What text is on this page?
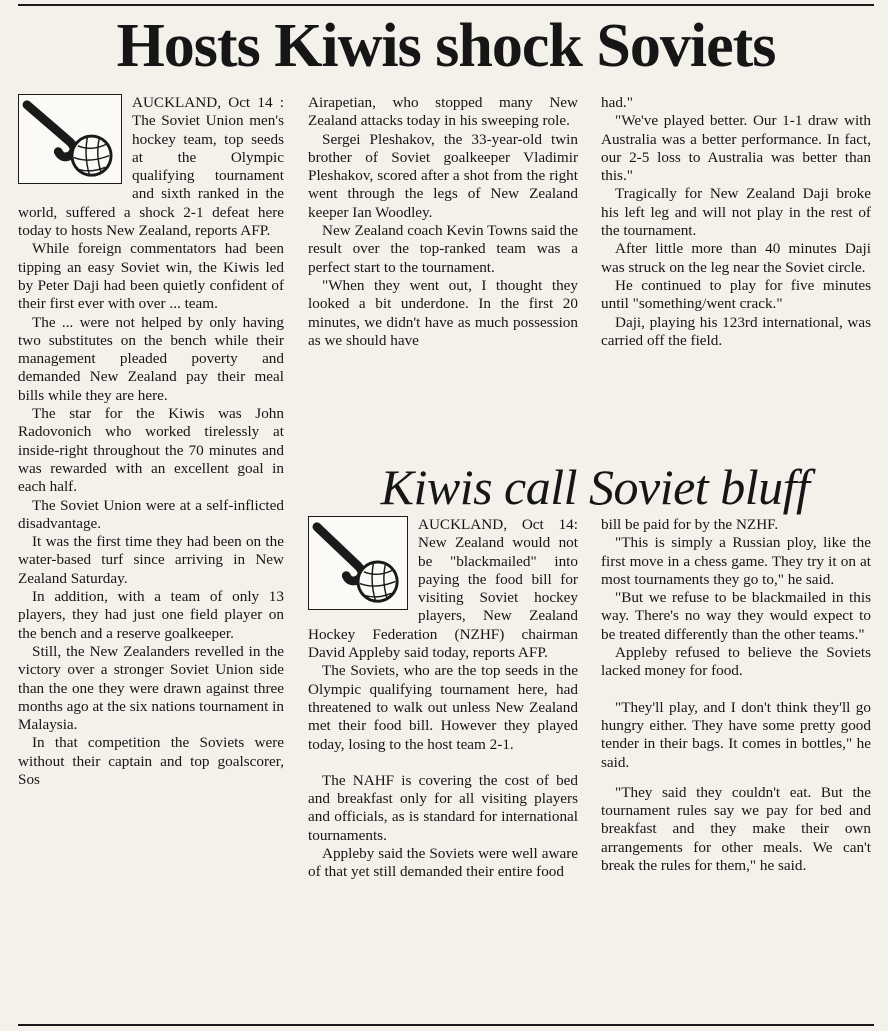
Hosts Kiwis shock Soviets

AUCKLAND, Oct 14 : The Soviet Union men's hockey team, top seeds at the Olympic qualifying tournament and sixth ranked in the world, suffered a shock 2-1 defeat here today to hosts New Zealand, reports AFP.

While foreign commentators had been tipping an easy Soviet win, the Kiwis led by Peter Daji had been quietly confident of their first ever with over ... team.

The ... were not helped by only having two substitutes on the bench while their management pleaded poverty and demanded New Zealand pay their meal bills while they are here.

The star for the Kiwis was John Radovonich who worked tirelessly at inside-right throughout the 70 minutes and was rewarded with an excellent goal in each half.

The Soviet Union were at a self-inflicted disadvantage.

It was the first time they had been on the water-based turf since arriving in New Zealand Saturday.

In addition, with a team of only 13 players, they had just one field player on the bench and a reserve goalkeeper.

Still, the New Zealanders revelled in the victory over a stronger Soviet Union side than the one they were drawn against three months ago at the six nations tournament in Malaysia.

In that competition the Soviets were without their captain and top goalscorer, Sos

Airapetian, who stopped many New Zealand attacks today in his sweeping role.

Sergei Pleshakov, the 33-year-old twin brother of Soviet goalkeeper Vladimir Pleshakov, scored after a shot from the right went through the legs of New Zealand keeper Ian Woodley.

New Zealand coach Kevin Towns said the result over the top-ranked team was a perfect start to the tournament.

"When they went out, I thought they looked a bit underdone. In the first 20 minutes, we didn't have as much possession as we should have

had."

"We've played better. Our 1-1 draw with Australia was a better performance. In fact, our 2-5 loss to Australia was better than this."

Tragically for New Zealand Daji broke his left leg and will not play in the rest of the tournament.

After little more than 40 minutes Daji was struck on the leg near the Soviet circle.

He continued to play for five minutes until "something/went crack."

Daji, playing his 123rd international, was carried off the field.

Kiwis call Soviet bluff

AUCKLAND, Oct 14: New Zealand would not be "blackmailed" into paying the food bill for visiting Soviet hockey players, New Zealand Hockey Federation (NZHF) chairman David Appleby said today, reports AFP.

The Soviets, who are the top seeds in the Olympic qualifying tournament here, had threatened to walk out unless New Zealand met their food bill. However they played today, losing to the host team 2-1.

The NAHF is covering the cost of bed and breakfast only for all visiting players and officials, as is standard for international tournaments.

Appleby said the Soviets were well aware of that yet still demanded their entire food

bill be paid for by the NZHF.

"This is simply a Russian ploy, like the first move in a chess game. They try it on at most tournaments they go to," he said.

"But we refuse to be blackmailed in this way. There's no way they would expect to be treated differently than the other teams."

Appleby refused to believe the Soviets lacked money for food.

"They'll play, and I don't think they'll go hungry either. They have some pretty good tender in their bags. It comes in bottles," he said.

"They said they couldn't eat. But the tournament rules say we pay for bed and breakfast and they make their own arrangements for other meals. We can't break the rules for them," he said.
